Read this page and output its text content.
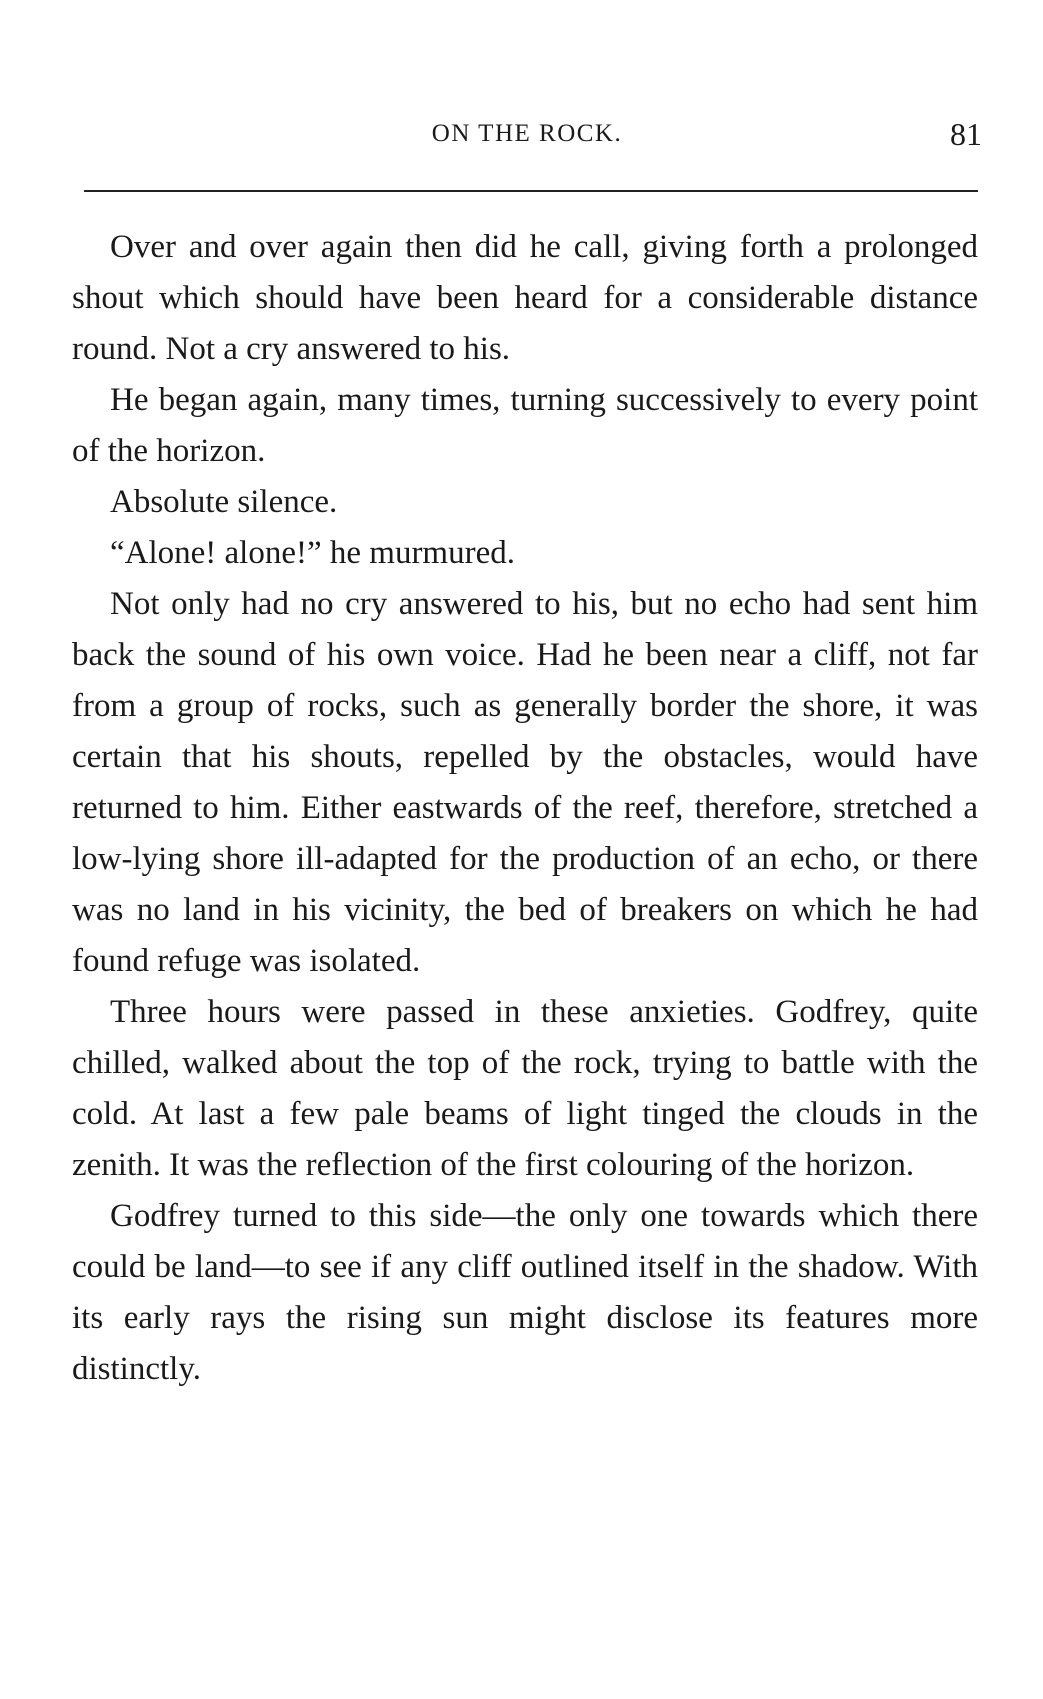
ON THE ROCK.	81

Over and over again then did he call, giving forth a prolonged shout which should have been heard for a considerable distance round. Not a cry answered to his.

He began again, many times, turning successively to every point of the horizon.

Absolute silence.

“Alone! alone!” he murmured.

Not only had no cry answered to his, but no echo had sent him back the sound of his own voice. Had he been near a cliff, not far from a group of rocks, such as generally border the shore, it was certain that his shouts, repelled by the obstacles, would have returned to him. Either eastwards of the reef, therefore, stretched a low-lying shore ill-adapted for the production of an echo, or there was no land in his vicinity, the bed of breakers on which he had found refuge was isolated.

Three hours were passed in these anxieties. Godfrey, quite chilled, walked about the top of the rock, trying to battle with the cold. At last a few pale beams of light tinged the clouds in the zenith. It was the reflection of the first colouring of the horizon.

Godfrey turned to this side—the only one towards which there could be land—to see if any cliff outlined itself in the shadow. With its early rays the rising sun might disclose its features more distinctly.
